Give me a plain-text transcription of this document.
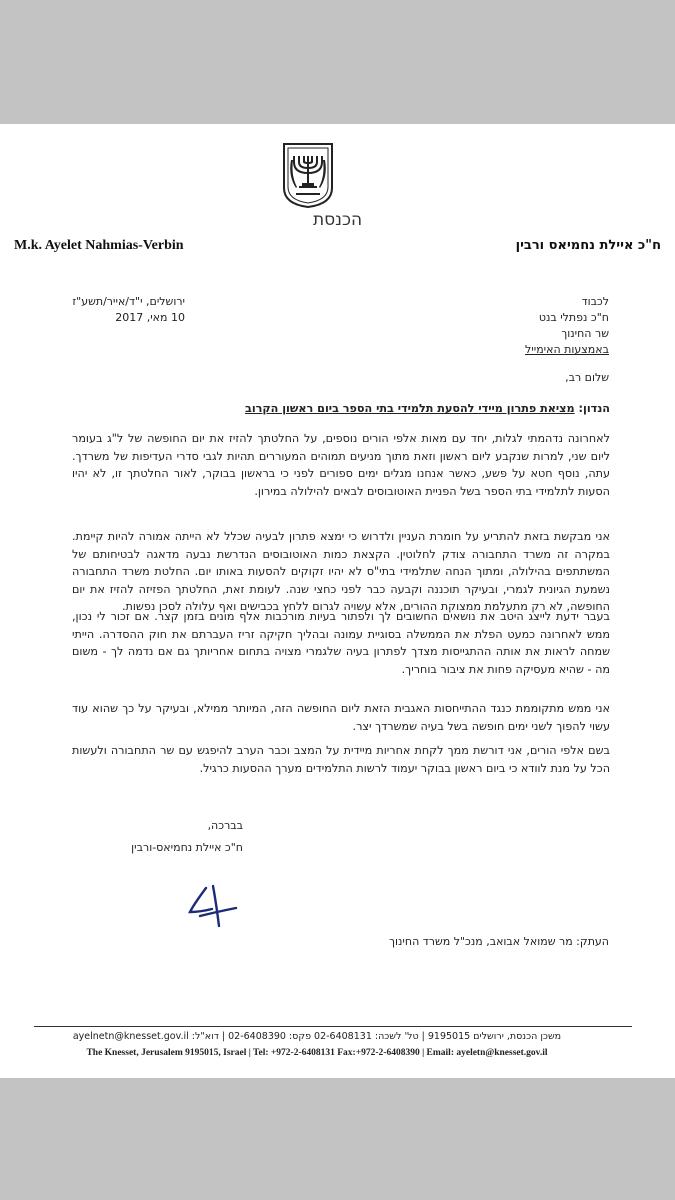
הכנסת
M.k. Ayelet Nahmias-Verbin	ח"כ איילת נחמיאס ורבין
לכבוד
ח"כ נפתלי בנט
שר החינוך
באמצעות האימייל
ירושלים, י"ד/אייר/תשע"ז
10 מאי, 2017
שלום רב,
הנדון: מציאת פתרון מיידי להסעת תלמידי בתי הספר ביום ראשון הקרוב

לאחרונה נדהמתי לגלות, יחד עם מאות אלפי הורים נוספים, על החלטתך להזיז את יום החופשה של ל"ג בעומר ליום שני, למרות שנקבע ליום ראשון וזאת מתוך מניעים תמוהים המעוררים תהיות לגבי סדרי העדיפות של משרדך. עתה, נוסף חטא על פשע, כאשר אנחנו מגלים ימים ספורים לפני כי בראשון בבוקר, לאור החלטתך זו, לא יהיו הסעות לתלמידי בתי הספר בשל הפניית האוטובוסים לבאים להילולה במירון.

אני מבקשת בזאת להתריע על חומרת העניין ולדרוש כי ימצא פתרון לבעיה שכלל לא הייתה אמורה להיות קיימת. במקרה זה משרד התחבורה צודק לחלוטין. הקצאת כמות האוטובוסים הנדרשת נבעה מדאגה לבטיחותם של המשתתפים בהילולה, ומתוך הנחה שתלמידי בתי"ס לא יהיו זקוקים להסעות באותו יום. החלטת משרד התחבורה נשמעת הגיונית לגמרי, ובעיקר תוכננה וקבעה כבר לפני כחצי שנה. לעומת זאת, החלטתך הפזיזה להזיז את יום החופשה, לא רק מתעלמת ממצוקת ההורים, אלא עשויה לגרום ללחץ בכבישים ואף עלולה לסכן נפשות.

בעבר ידעת לייצג היטב את נושאים החשובים לך ולפתור בעיות מורכבות אלף מונים בזמן קצר. אם זכור לי נכון, ממש לאחרונה כמעט הפלת את הממשלה בסוגיית עמונה ובהליך חקיקה זריז העברתם את חוק ההסדרה. הייתי שמחה לראות את אותה ההתגייסות מצדך לפתרון בעיה שלגמרי מצויה בתחום אחריותך גם אם נדמה לך - משום מה - שהיא מעסיקה פחות את ציבור בוחריך.

אני ממש מתקוממת כנגד ההתייחסות האגבית הזאת ליום החופשה הזה, המיותר ממילא, ובעיקר על כך שהוא עוד עשוי להפוך לשני ימים חופשה בשל בעיה שמשרדך יצר.

בשם אלפי הורים, אני דורשת ממך לקחת אחריות מיידית על המצב וכבר הערב להיפגש עם שר התחבורה ולעשות הכל על מנת לוודא כי ביום ראשון בבוקר יעמוד לרשות התלמידים מערך ההסעות כרגיל.

בברכה,
ח"כ איילת נחמיאס-ורבין
העתק: מר שמואל אבואב, מנכ"ל משרד החינוך
משכן הכנסת, ירושלים 9195015 | טל' לשכה: 02-6408131 פקס: 02-6408390 | דוא"ל: ayelnetn@knesset.gov.il
The Knesset, Jerusalem 9195015, Israel | Tel: +972-2-6408131 Fax:+972-2-6408390 | Email: ayeletn@knesset.gov.il
